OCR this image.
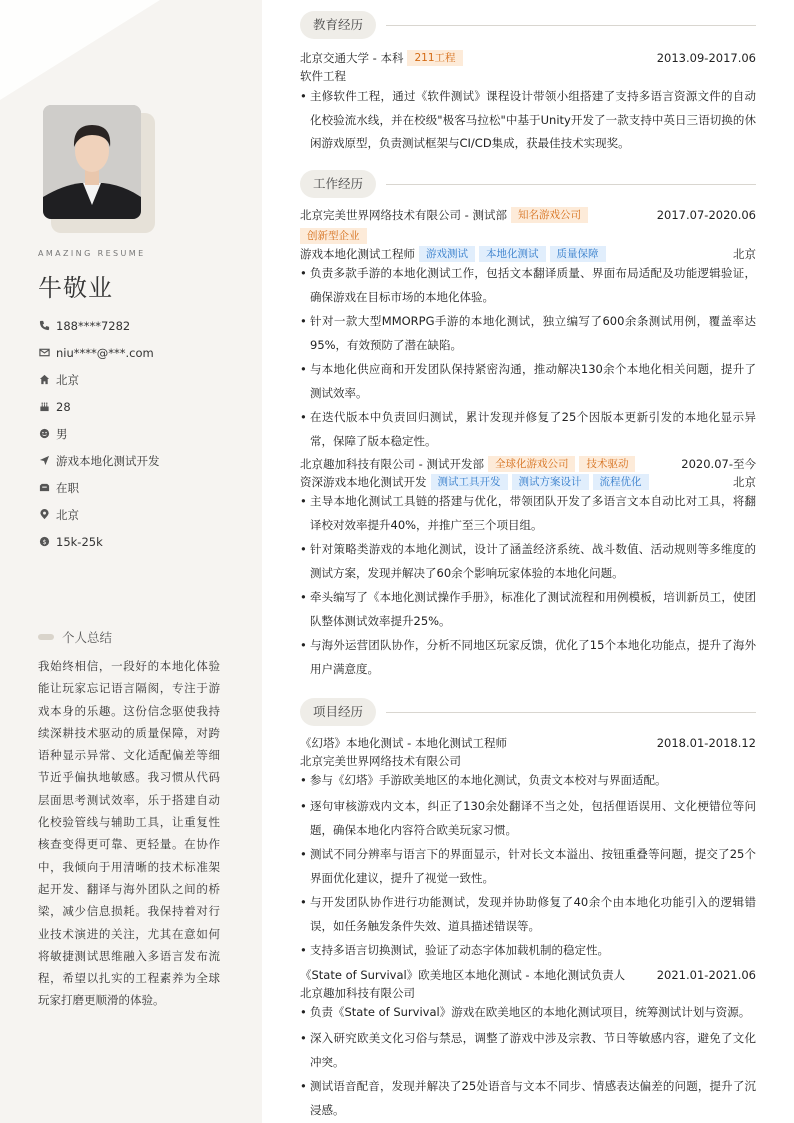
AMAZING RESUME
牛敬业
188****7282
niu****@***.com
北京
28
男
游戏本地化测试开发
在职
北京
$ 15k-25k
个人总结
我始终相信，一段好的本地化体验能让玩家忘记语言隔阂，专注于游戏本身的乐趣。这份信念驱使我持续深耕技术驱动的质量保障，对跨语种显示异常、文化适配偏差等细节近乎偏执地敏感。我习惯从代码层面思考测试效率，乐于搭建自动化校验管线与辅助工具，让重复性核查变得更可靠、更轻量。在协作中，我倾向于用清晰的技术标准架起开发、翻译与海外团队之间的桥梁，减少信息损耗。我保持着对行业技术演进的关注，尤其在意如何将敏捷测试思维融入多语言发布流程，希望以扎实的工程素养为全球玩家打磨更顺滑的体验。
教育经历
北京交通大学 - 本科 211工程	2013.09-2017.06
软件工程
• 主修软件工程，通过《软件测试》课程设计带领小组搭建了支持多语言资源文件的自动化校验流水线，并在校级"极客马拉松"中基于Unity开发了一款支持中英日三语切换的休闲游戏原型，负责测试框架与CI/CD集成，获最佳技术实现奖。
工作经历
北京完美世界网络技术有限公司 - 测试部 知名游戏公司	2017.07-2020.06
创新型企业
游戏本地化测试工程师 游戏测试 本地化测试 质量保障	北京
• 负责多款手游的本地化测试工作，包括文本翻译质量、界面布局适配及功能逻辑验证，确保游戏在目标市场的本地化体验。
• 针对一款大型MMORPG手游的本地化测试，独立编写了600余条测试用例，覆盖率达95%，有效预防了潜在缺陷。
• 与本地化供应商和开发团队保持紧密沟通，推动解决130余个本地化相关问题，提升了测试效率。
• 在迭代版本中负责回归测试，累计发现并修复了25个因版本更新引发的本地化显示异常，保障了版本稳定性。
北京趣加科技有限公司 - 测试开发部 全球化游戏公司 技术驱动	2020.07-至今
资深游戏本地化测试开发 测试工具开发 测试方案设计 流程优化	北京
• 主导本地化测试工具链的搭建与优化，带领团队开发了多语言文本自动比对工具，将翻译校对效率提升40%，并推广至三个项目组。
• 针对策略类游戏的本地化测试，设计了涵盖经济系统、战斗数值、活动规则等多维度的测试方案，发现并解决了60余个影响玩家体验的本地化问题。
• 牵头编写了《本地化测试操作手册》，标准化了测试流程和用例模板，培训新员工，使团队整体测试效率提升25%。
• 与海外运营团队协作，分析不同地区玩家反馈，优化了15个本地化功能点，提升了海外用户满意度。
项目经历
《幻塔》本地化测试 - 本地化测试工程师	2018.01-2018.12
北京完美世界网络技术有限公司
• 参与《幻塔》手游欧美地区的本地化测试，负责文本校对与界面适配。
• 逐句审核游戏内文本，纠正了130余处翻译不当之处，包括俚语误用、文化梗错位等问题，确保本地化内容符合欧美玩家习惯。
• 测试不同分辨率与语言下的界面显示，针对长文本溢出、按钮重叠等问题，提交了25个界面优化建议，提升了视觉一致性。
• 与开发团队协作进行功能测试，发现并协助修复了40余个由本地化功能引入的逻辑错误，如任务触发条件失效、道具描述错误等。
• 支持多语言切换测试，验证了动态字体加载机制的稳定性。
《State of Survival》欧美地区本地化测试 - 本地化测试负责人	2021.01-2021.06
北京趣加科技有限公司
• 负责《State of Survival》游戏在欧美地区的本地化测试项目，统筹测试计划与资源。
• 深入研究欧美文化习俗与禁忌，调整了游戏中涉及宗教、节日等敏感内容，避免了文化冲突。
• 测试语音配音，发现并解决了25处语音与文本不同步、情感表达偏差的问题，提升了沉浸感。
